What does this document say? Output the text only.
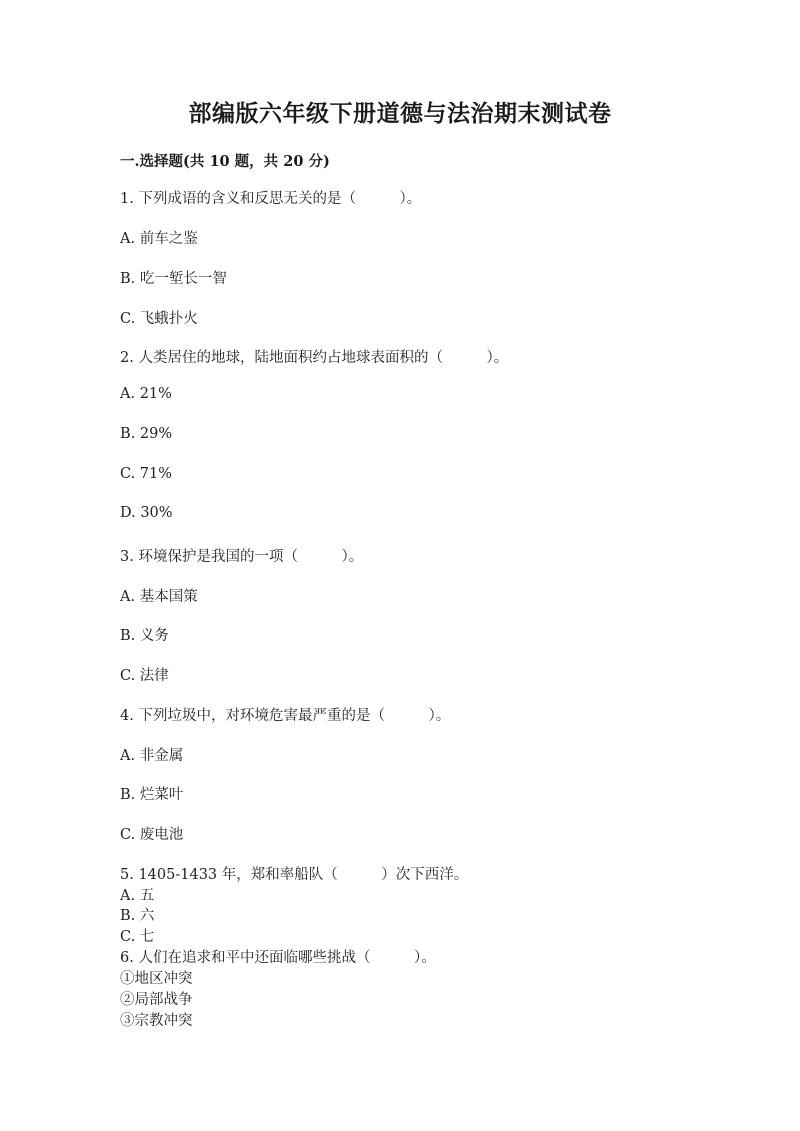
部编版六年级下册道德与法治期末测试卷
一.选择题(共 10 题，共 20 分)
1. 下列成语的含义和反思无关的是（　　　）。
A. 前车之鉴
B. 吃一堑长一智
C. 飞蛾扑火
2. 人类居住的地球，陆地面积约占地球表面积的（　　　）。
A. 21%
B. 29%
C. 71%
D. 30%
3. 环境保护是我国的一项（　　　）。
A. 基本国策
B. 义务
C. 法律
4. 下列垃圾中，对环境危害最严重的是（　　　）。
A. 非金属
B. 烂菜叶
C. 废电池
5. 1405-1433 年，郑和率船队（　　　）次下西洋。
A. 五
B. 六
C. 七
6. 人们在追求和平中还面临哪些挑战（　　　）。
①地区冲突
②局部战争
③宗教冲突
